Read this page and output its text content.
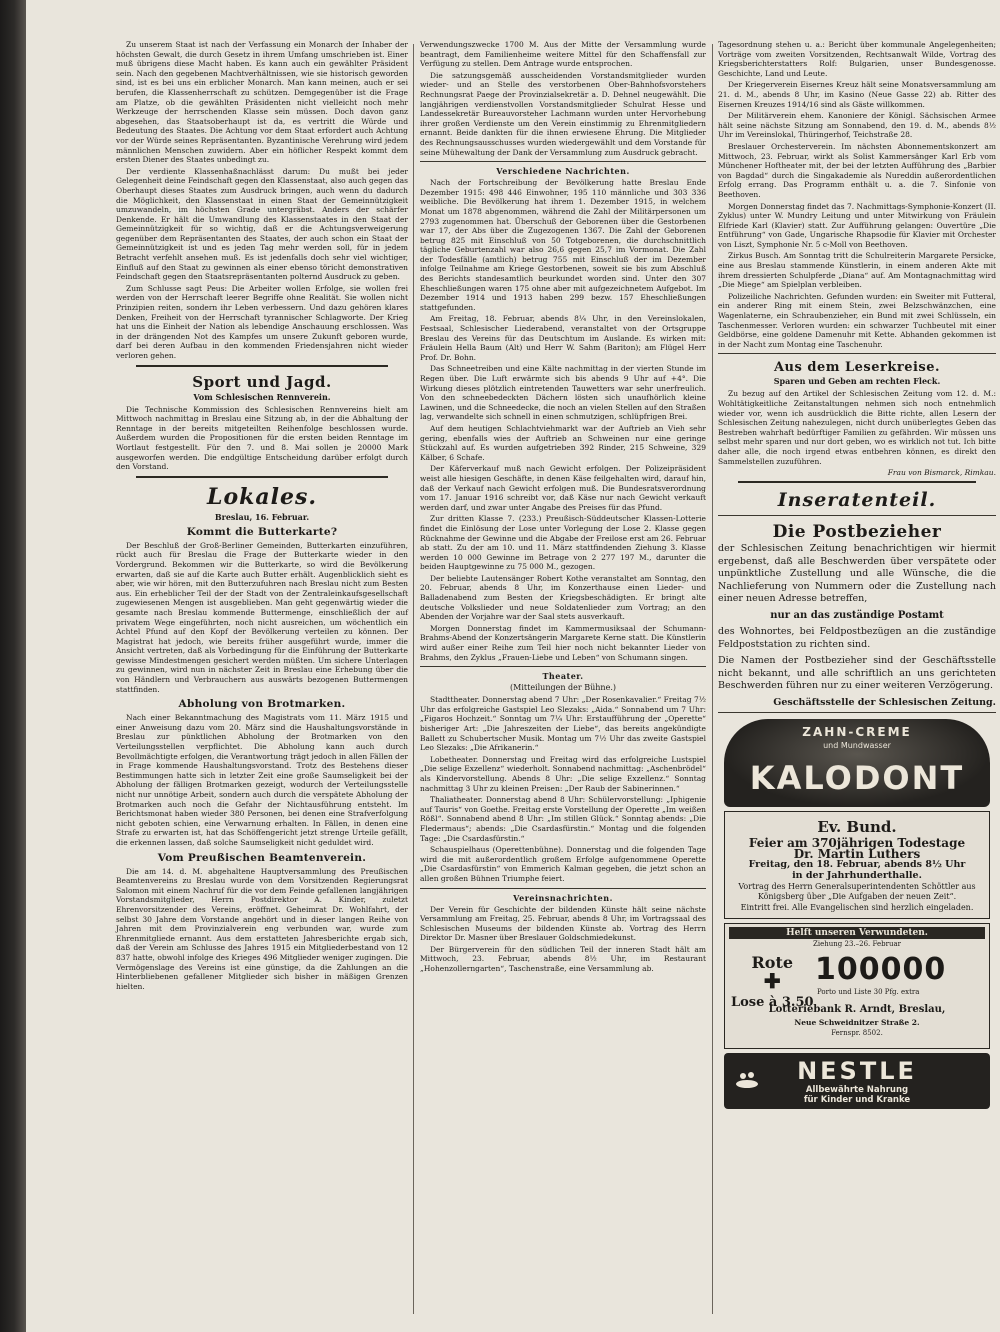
Zu unserem Staat ist nach der Verfassung ein Monarch der Inhaber der höchsten Gewalt, die durch Gesetz in ihrem Umfang umschrieben ist. Einer muß übrigens diese Macht haben. Es kann auch ein gewählter Präsident sein. Nach den gegebenen Machtverhältnissen, wie sie historisch geworden sind, ist es bei uns ein erblicher Monarch. Man kann meinen, auch er sei berufen, die Klassenherrschaft zu schützen. Demgegenüber ist die Frage am Platze, ob die gewählten Präsidenten nicht vielleicht noch mehr Werkzeuge der herrschenden Klasse sein müssen. Doch davon ganz abgesehen, das Staatsoberhaupt ist da, es vertritt die Würde und Bedeutung des Staates. Die Achtung vor dem Staat erfordert auch Achtung vor der Würde seines Repräsentanten. Byzantinische Verehrung wird jedem männlichen Menschen zuwidern. Aber ein höflicher Respekt kommt dem ersten Diener des Staates unbedingt zu.

Der verdiente Klassenhaßnachlässt darum: Du mußt bei jeder Gelegenheit deine Feindschaft gegen den Klassenstaat, also auch gegen das Oberhaupt dieses Staates zum Ausdruck bringen, auch wenn du dadurch die Möglichkeit, den Klassenstaat in einen Staat der Gemeinnützigkeit umzuwandeln, im höchsten Grade untergräbst. Anders der schärfer Denkende. Er hält die Umwandlung des Klassenstaates in den Staat der Gemeinnützigkeit für so wichtig, daß er die Achtungsverweigerung gegenüber dem Repräsentanten des Staates, der auch schon ein Staat der Gemeinnützigkeit ist und es jeden Tag mehr werden soll, für in jedem Betracht verfehlt ansehen muß. Es ist jedenfalls doch sehr viel wichtiger, Einfluß auf den Staat zu gewinnen als einer ebenso töricht demonstrativen Feindschaft gegen den Staatsrepräsentanten polternd Ausdruck zu geben.

Zum Schlusse sagt Peus: Die Arbeiter wollen Erfolge, sie wollen frei werden von der Herrschaft leerer Begriffe ohne Realität. Sie wollen nicht Prinzipien reiten, sondern ihr Leben verbessern. Und dazu gehören klares Denken, Freiheit von der Herrschaft tyrannischer Schlagworte. Der Krieg hat uns die Einheit der Nation als lebendige Anschauung erschlossen. Was in der drängenden Not des Kampfes um unsere Zukunft geboren wurde, darf bei deren Aufbau in den kommenden Friedensjahren nicht wieder verloren gehen.

Sport und Jagd.
Vom Schlesischen Rennverein.

Die Technische Kommission des Schlesischen Rennvereins hielt am Mittwoch nachmittag in Breslau eine Sitzung ab, in der die Abhaltung der Renntage in der bereits mitgeteilten Reihenfolge beschlossen wurde. Außerdem wurden die Propositionen für die ersten beiden Renntage im Wortlaut festgestellt. Für den 7. und 8. Mai sollen je 20000 Mark ausgeworfen werden. Die endgültige Entscheidung darüber erfolgt durch den Vorstand.

Lokales.
Breslau, 16. Februar.
Kommt die Butterkarte?

Der Beschluß der Groß-Berliner Gemeinden, Butterkarten einzuführen, rückt auch für Breslau die Frage der Butterkarte wieder in den Vordergrund. Bekommen wir die Butterkarte, so wird die Bevölkerung erwarten, daß sie auf die Karte auch Butter erhält. Augenblicklich sieht es aber, wie wir hören, mit den Butterzufuhren nach Breslau nicht zum Besten aus. Ein erheblicher Teil der der Stadt von der Zentraleinkaufsgesellschaft zugewiesenen Mengen ist ausgeblieben. Man geht gegenwärtig wieder die gesamte nach Breslau kommende Buttermenge, einschließlich der auf privatem Wege eingeführten, noch nicht ausreichen, um wöchentlich ein Achtel Pfund auf den Kopf der Bevölkerung verteilen zu können. Der Magistrat hat jedoch, wie bereits früher ausgeführt wurde, immer die Ansicht vertreten, daß als Vorbedingung für die Einführung der Butterkarte gewisse Mindestmengen gesichert werden müßten. Um sichere Unterlagen zu gewinnen, wird nun in nächster Zeit in Breslau eine Erhebung über die von Händlern und Verbrauchern aus auswärts bezogenen Buttermengen stattfinden.

Abholung von Brotmarken.

Nach einer Bekanntmachung des Magistrats vom 11. März 1915 und einer Anweisung dazu vom 20. März sind die Haushaltungsvorstände in Breslau zur pünktlichen Abholung der Brotmarken von den Verteilungsstellen verpflichtet. Die Abholung kann auch durch Bevollmächtigte erfolgen, die Verantwortung trägt jedoch in allen Fällen der in Frage kommende Haushaltungsvorstand. Trotz des Bestehens dieser Bestimmungen hatte sich in letzter Zeit eine große Saumseligkeit bei der Abholung der fälligen Brotmarken gezeigt, wodurch der Verteilungsstelle nicht nur unnötige Arbeit, sondern auch durch die verspätete Abholung der Brotmarken auch noch die Gefahr der Nichtausführung entsteht. Im Berichtsmonat haben wieder 380 Personen, bei denen eine Strafverfolgung nicht geboten schien, eine Verwarnung erhalten. In Fällen, in denen eine Strafe zu erwarten ist, hat das Schöffengericht jetzt strenge Urteile gefällt, die erkennen lassen, daß solche Saumseligkeit nicht geduldet wird.

Vom Preußischen Beamtenverein.

Die am 14. d. M. abgehaltene Hauptversammlung des Preußischen Beamtenvereins zu Breslau wurde von dem Vorsitzenden Regierungsrat Salomon mit einem Nachruf für die vor dem Feinde gefallenen langjährigen Vorstandsmitglieder, Herrn Postdirektor A. Kinder, zuletzt Ehrenvorsitzender des Vereins, eröffnet. Geheimrat Dr. Wohlfahrt, der selbst 30 Jahre dem Vorstande angehört und in dieser langen Reihe von Jahren mit dem Provinzialverein eng verbunden war, wurde zum Ehrenmitgliede ernannt. Aus dem erstatteten Jahresberichte ergab sich, daß der Verein am Schlusse des Jahres 1915 ein Mitgliederbestand von 12 837 hatte, obwohl infolge des Krieges 496 Mitglieder weniger zugingen. Die Vermögenslage des Vereins ist eine günstige, da die Zahlungen an die Hinterbliebenen gefallener Mitglieder sich bisher in mäßigen Grenzen hielten.

Verwendungszwecke 1700 M. Aus der Mitte der Versammlung wurde beantragt, dem Familienheime weitere Mittel für den Schaffensfall zur Verfügung zu stellen. Dem Antrage wurde entsprochen.

Die satzungsgemäß ausscheidenden Vorstandsmitglieder wurden wieder- und an Stelle des verstorbenen Ober-Bahnhofsvorstehers Rechnungsrat Paege der Provinzialsekretär a. D. Dehnel neugewählt. Die langjährigen verdienstvollen Vorstandsmitglieder Schulrat Hesse und Landessekretär Bureauvorsteher Lachmann wurden unter Hervorhebung ihrer großen Verdienste um den Verein einstimmig zu Ehrenmitgliedern ernannt. Beide dankten für die ihnen erwiesene Ehrung. Die Mitglieder des Rechnungsausschusses wurden wiedergewählt und dem Vorstande für seine Mühewaltung der Dank der Versammlung zum Ausdruck gebracht.

Verschiedene Nachrichten.

Nach der Fortschreibung der Bevölkerung hatte Breslau Ende Dezember 1915: 498 446 Einwohner, 195 110 männliche und 303 336 weibliche. Die Bevölkerung hat ihrem 1. Dezember 1915, in welchem Monat um 1878 abgenommen, während die Zahl der Militärpersonen um 2793 zugenommen hat. Überschuß der Geborenen über die Gestorbenen war 17, der Abs über die Zugezogenen 1367. Die Zahl der Geborenen betrug 825 mit Einschluß von 50 Totgeborenen, die durchschnittlich tägliche Geburtenzahl war also 26,6 gegen 25,7 im Vormonat. Die Zahl der Todesfälle (amtlich) betrug 755 mit Einschluß der im Dezember infolge Teilnahme am Kriege Gestorbenen, soweit sie bis zum Abschluß des Berichts standesamtlich beurkundet worden sind. Unter den 307 Eheschließungen waren 175 ohne aber mit aufgezeichnetem Aufgebot. Im Dezember 1914 und 1913 haben 299 bezw. 157 Eheschließungen stattgefunden.

Am Freitag, 18. Februar, abends 8¼ Uhr, in den Vereinslokalen, Festsaal, Schlesischer Liederabend, veranstaltet von der Ortsgruppe Breslau des Vereins für das Deutschtum im Auslande. Es wirken mit: Fräulein Hella Baum (Alt) und Herr W. Sahm (Bariton); am Flügel Herr Prof. Dr. Bohn.

Das Schneetreiben und eine Kälte nachmittag in der vierten Stunde im Regen über. Die Luft erwärmte sich bis abends 9 Uhr auf +4°. Die Wirkung dieses plötzlich eintretenden Tauwetters war sehr unerfreulich. Von den schneebedeckten Dächern lösten sich unaufhörlich kleine Lawinen, und die Schneedecke, die noch an vielen Stellen auf den Straßen lag, verwandelte sich schnell in einen schmutzigen, schlüpfrigen Brei.

Auf dem heutigen Schlachtviehmarkt war der Auftrieb an Vieh sehr gering, ebenfalls wies der Auftrieb an Schweinen nur eine geringe Stückzahl auf. Es wurden aufgetrieben 392 Rinder, 215 Schweine, 329 Kälber, 6 Schafe.

Der Käferverkauf muß nach Gewicht erfolgen. Der Polizeipräsident weist alle hiesigen Geschäfte, in denen Käse feilgehalten wird, darauf hin, daß der Verkauf nach Gewicht erfolgen muß. Die Bundesratsverordnung vom 17. Januar 1916 schreibt vor, daß Käse nur nach Gewicht verkauft werden darf, und zwar unter Angabe des Preises für das Pfund.

Zur dritten Klasse 7. (233.) Preußisch-Süddeutscher Klassen-Lotterie findet die Einlösung der Lose unter Vorlegung der Lose 2. Klasse gegen Rücknahme der Gewinne und die Abgabe der Freilose erst am 26. Februar ab statt. Zu der am 10. und 11. März stattfindenden Ziehung 3. Klasse werden 10 000 Gewinne im Betrage von 2 277 197 M., darunter die beiden Hauptgewinne zu 75 000 M., gezogen.

Der beliebte Lautensänger Robert Kothe veranstaltet am Sonntag, den 20. Februar, abends 8 Uhr, im Konzerthause einen Lieder- und Balladenabend zum Besten der Kriegsbeschädigten. Er bringt alte deutsche Volkslieder und neue Soldatenlieder zum Vortrag; an den Abenden der Vorjahre war der Saal stets ausverkauft.

Morgen Donnerstag findet im Kammermusiksaal der Schumann-Brahms-Abend der Konzertsängerin Margarete Kerne statt. Die Künstlerin wird außer einer Reihe zum Teil hier noch nicht bekannter Lieder von Brahms, den Zyklus „Frauen-Liebe und Leben“ von Schumann singen.

Theater.
(Mitteilungen der Bühne.)

Stadttheater. Donnerstag abend 7 Uhr: „Der Rosenkavalier.“ Freitag 7½ Uhr das erfolgreiche Gastspiel Leo Slezaks: „Aida.“ Sonnabend um 7 Uhr: „Figaros Hochzeit.“ Sonntag um 7¼ Uhr: Erstaufführung der „Operette“ bisheriger Art: „Die Jahreszeiten der Liebe“, das bereits angekündigte Ballett zu Schubertscher Musik. Montag um 7½ Uhr das zweite Gastspiel Leo Slezaks: „Die Afrikanerin.“

Lobetheater. Donnerstag und Freitag wird das erfolgreiche Lustspiel „Die selige Exzellenz“ wiederholt. Sonnabend nachmittag: „Aschenbrödel“ als Kindervorstellung. Abends 8 Uhr: „Die selige Exzellenz.“ Sonntag nachmittag 3 Uhr zu kleinen Preisen: „Der Raub der Sabinerinnen.“

Thaliatheater. Donnerstag abend 8 Uhr: Schülervorstellung: „Iphigenie auf Tauris“ von Goethe. Freitag erste Vorstellung der Operette „Im weißen Rößl“. Sonnabend abend 8 Uhr: „Im stillen Glück.“ Sonntag abends: „Die Fledermaus“; abends: „Die Csardasfürstin.“ Montag und die folgenden Tage: „Die Csardasfürstin.“

Schauspielhaus (Operettenbühne). Donnerstag und die folgenden Tage wird die mit außerordentlich großem Erfolge aufgenommene Operette „Die Csardasfürstin“ von Emmerich Kalman gegeben, die jetzt schon an allen großen Bühnen Triumphe feiert.

Vereinsnachrichten.

Der Verein für Geschichte der bildenden Künste hält seine nächste Versammlung am Freitag, 25. Februar, abends 8 Uhr, im Vortragssaal des Schlesischen Museums der bildenden Künste ab. Vortrag des Herrn Direktor Dr. Masner über Breslauer Goldschmiedekunst.

Der Bürgerverein für den südlichen Teil der inneren Stadt hält am Mittwoch, 23. Februar, abends 8½ Uhr, im Restaurant „Hohenzollerngarten“, Taschenstraße, eine Versammlung ab.

Tagesordnung stehen u. a.: Bericht über kommunale Angelegenheiten; Vorträge vom zweiten Vorsitzenden, Rechtsanwalt Wilde, Vortrag des Kriegsberichterstatters Rolf: Bulgarien, unser Bundesgenosse. Geschichte, Land und Leute.

Der Kriegerverein Eisernes Kreuz hält seine Monatsversammlung am 21. d. M., abends 8 Uhr, im Kasino (Neue Gasse 22) ab. Ritter des Eisernen Kreuzes 1914/16 sind als Gäste willkommen.

Der Militärverein ehem. Kanoniere der Königl. Sächsischen Armee hält seine nächste Sitzung am Sonnabend, den 19. d. M., abends 8½ Uhr im Vereinslokal, Thüringerhof, Teichstraße 28.

Breslauer Orchesterverein. Im nächsten Abonnementskonzert am Mittwoch, 23. Februar, wirkt als Solist Kammersänger Karl Erb vom Münchener Hoftheater mit, der bei der letzten Aufführung des „Barbier von Bagdad“ durch die Singakademie als Nureddin außerordentlichen Erfolg errang. Das Programm enthält u. a. die 7. Sinfonie von Beethoven.

Morgen Donnerstag findet das 7. Nachmittags-Symphonie-Konzert (II. Zyklus) unter W. Mundry Leitung und unter Mitwirkung von Fräulein Elfriede Karl (Klavier) statt. Zur Aufführung gelangen: Ouvertüre „Die Entführung“ von Gade, Ungarische Rhapsodie für Klavier mit Orchester von Liszt, Symphonie Nr. 5 c-Moll von Beethoven.

Zirkus Busch. Am Sonntag tritt die Schulreiterin Margarete Persicke, eine aus Breslau stammende Künstlerin, in einem anderen Akte mit ihrem dressierten Schulpferde „Diana“ auf. Am Montagnachmittag wird „Die Miege“ am Spielplan verbleiben.

Polizeiliche Nachrichten. Gefunden wurden: ein Sweiter mit Futteral, ein anderer Ring mit einem Stein, zwei Belzschwänzchen, eine Wagenlaterne, ein Schraubenzieher, ein Bund mit zwei Schlüsseln, ein Taschenmesser. Verloren wurden: ein schwarzer Tuchbeutel mit einer Geldbörse, eine goldene Damenuhr mit Kette. Abhanden gekommen ist in der Nacht zum Montag eine Taschenuhr.

Aus dem Leserkreise.
Sparen und Geben am rechten Fleck.

Zu bezug auf den Artikel der Schlesischen Zeitung vom 12. d. M.: Wohltätigkeitliche Zeitanstaltungen nehmen sich noch entnehmlich wieder vor, wenn ich ausdrücklich die Bitte richte, allen Lesern der Schlesischen Zeitung nahezulegen, nicht durch unüberlegtes Geben das Bestreben wahrhaft bedürftiger Familien zu gefährden. Wir müssen uns selbst mehr sparen und nur dort geben, wo es wirklich not tut. Ich bitte daher alle, die noch irgend etwas entbehren können, es direkt den Sammelstellen zuzuführen.

Frau von Bismarck, Rimkau.
Inseratenteil.
Die Postbezieher

der Schlesischen Zeitung benachrichtigen wir hiermit ergebenst, daß alle Beschwerden über verspätete oder unpünktliche Zustellung und alle Wünsche, die die Nachlieferung von Nummern oder die Zustellung nach einer neuen Adresse betreffen,

nur an das zuständige Postamt

des Wohnortes, bei Feldpostbezügen an die zuständige Feldpoststation zu richten sind.

Die Namen der Postbezieher sind der Geschäftsstelle nicht bekannt, und alle schriftlich an uns gerichteten Beschwerden führen nur zu einer weiteren Verzögerung.

Geschäftsstelle der Schlesischen Zeitung.
ZAHN-CREME
und Mundwasser
KALODONT
Ev. Bund.
Feier am 370jährigen Todestage
Dr. Martin Luthers
Freitag, den 18. Februar, abends 8½ Uhr
in der Jahrhunderthalle.
Vortrag des Herrn Generalsuperintendenten Schöttler aus Königsberg über „Die Aufgaben der neuen Zeit“.
Eintritt frei. Alle Evangelischen sind herzlich eingeladen.
Helft unseren Verwundeten.
Ziehung 23.–26. Februar
Rote
✚
Lose à 3.50
100000
Porto und Liste 30 Pfg. extra
Lotteriebank R. Arndt, Breslau,
Neue Schweidnitzer Straße 2.
Fernspr. 8502.
NESTLE
Allbewährte Nahrung
für Kinder und Kranke
